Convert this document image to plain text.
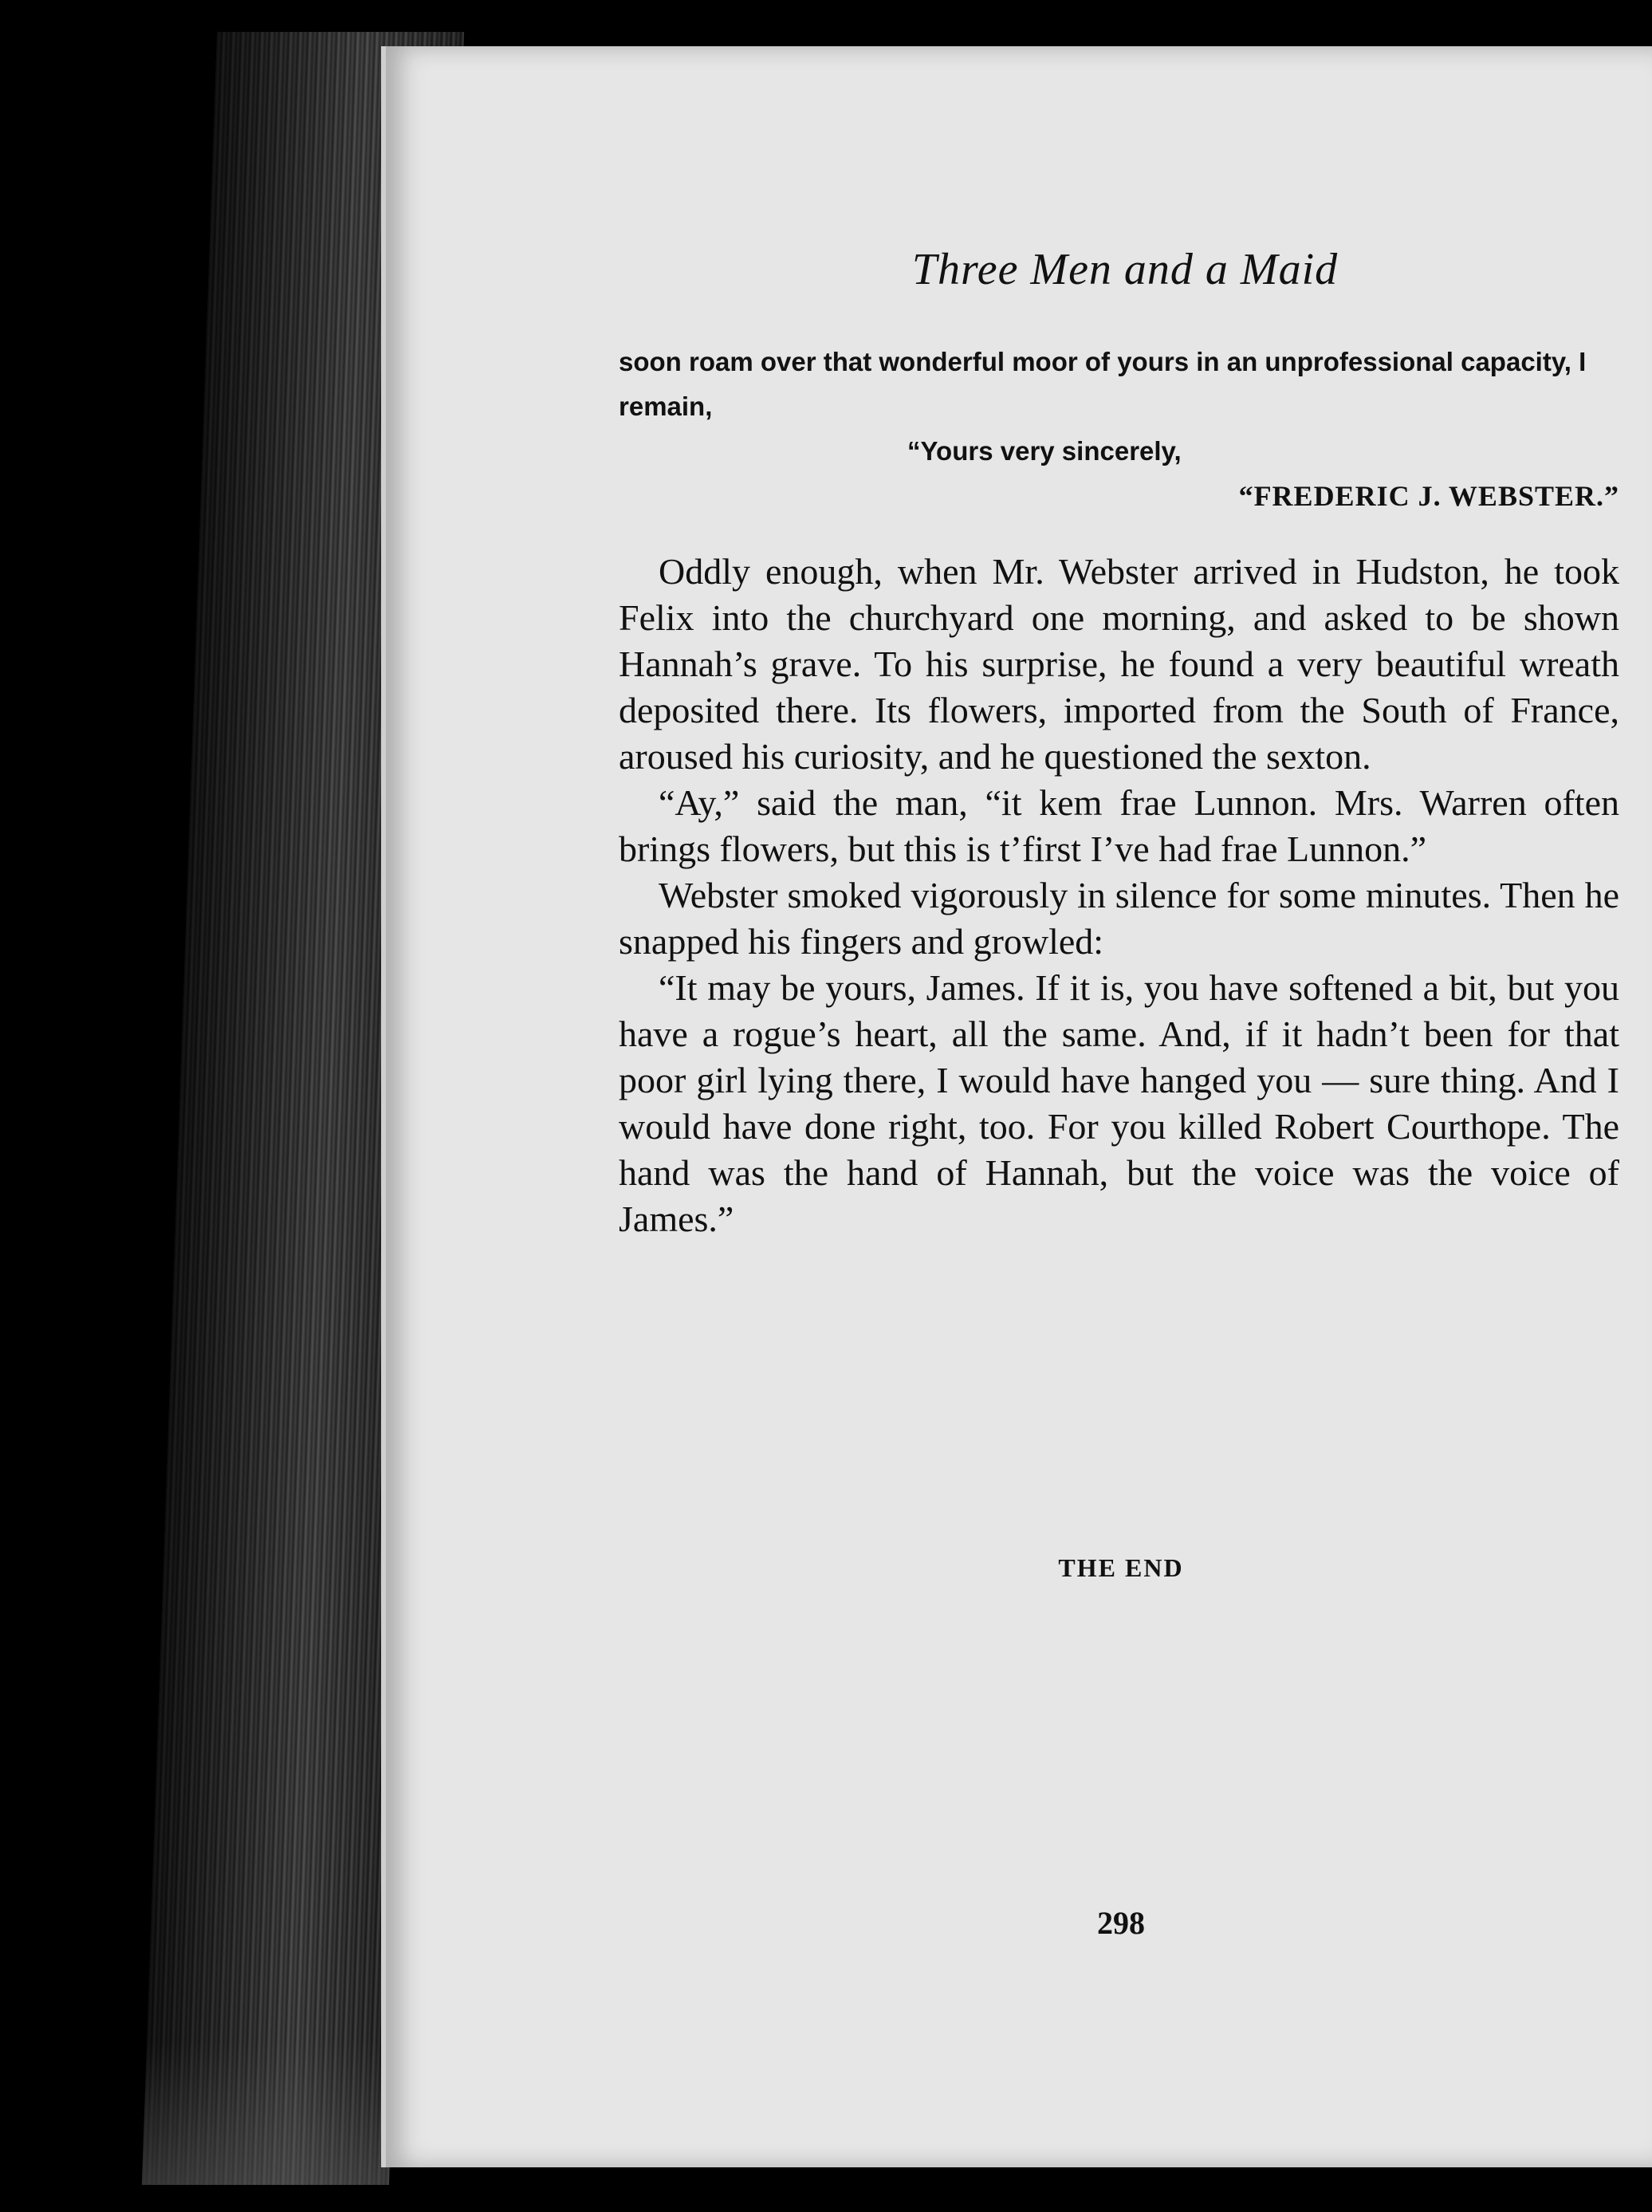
Three Men and a Maid

soon roam over that wonderful moor of yours in an unprofessional capacity, I remain,

“Yours very sincerely,

“FREDERIC J. WEBSTER.”

Oddly enough, when Mr. Webster arrived in Hudston, he took Felix into the churchyard one morning, and asked to be shown Hannah’s grave. To his surprise, he found a very beautiful wreath deposited there. Its flowers, imported from the South of France, aroused his curiosity, and he questioned the sexton.

“Ay,” said the man, “it kem frae Lunnon. Mrs. Warren often brings flowers, but this is t’first I’ve had frae Lunnon.”

Webster smoked vigorously in silence for some minutes. Then he snapped his fingers and growled:

“It may be yours, James. If it is, you have softened a bit, but you have a rogue’s heart, all the same. And, if it hadn’t been for that poor girl lying there, I would have hanged you — sure thing. And I would have done right, too. For you killed Robert Courthope. The hand was the hand of Hannah, but the voice was the voice of James.”

THE END
298
